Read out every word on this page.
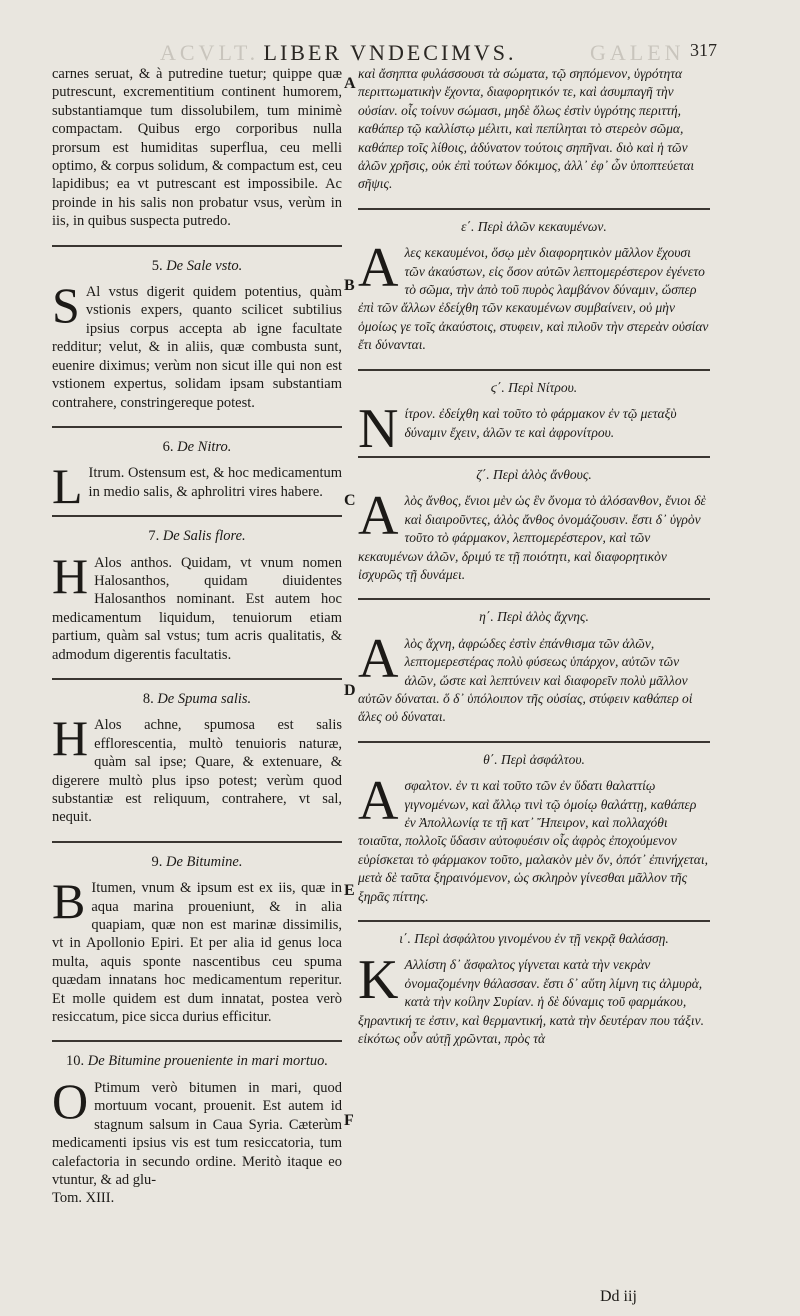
ACVLT.	GALEN
LIBER VNDECIMVS.	317
A
B
C
D
E
F

carnes seruat, & à putredine tuetur; quippe quæ putrescunt, excrementitium continent humorem, substantiamque tum dissolubilem, tum minimè compactam. Quibus ergo corporibus nulla prorsum est humiditas superflua, ceu melli optimo, & corpus solidum, & compactum est, ceu lapidibus; ea vt putrescant est impossibile. Ac proinde in his salis non probatur vsus, verùm in iis, in quibus suspecta putredo.

5. De Sale vsto.

S Al vstus digerit quidem potentius, quàm vstionis expers, quanto scilicet subtilius ipsius corpus accepta ab igne facultate redditur; velut, & in aliis, quæ combusta sunt, euenire diximus; verùm non sicut ille qui non est vstionem expertus, solidam ipsam substantiam contrahere, constringereque potest.

6. De Nitro.

L Itrum. Ostensum est, & hoc medicamentum in medio salis, & aphrolitri vires habere.

7. De Salis flore.

H Alos anthos. Quidam, vt vnum nomen Halosanthos, quidam diuidentes Halosanthos nominant. Est autem hoc medicamentum liquidum, tenuiorum etiam partium, quàm sal vstus; tum acris qualitatis, & admodum digerentis facultatis.

8. De Spuma salis.

H Alos achne, spumosa est salis efflorescentia, multò tenuioris naturæ, quàm sal ipse; Quare, & extenuare, & digerere multò plus ipso potest; verùm quod substantiæ est reliquum, contrahere, vt sal, nequit.

9. De Bitumine.

B Itumen, vnum & ipsum est ex iis, quæ in aqua marina proueniunt, & in alia quapiam, quæ non est marinæ dissimilis, vt in Apollonio Epiri. Et per alia id genus loca multa, aquis sponte nascentibus ceu spuma quædam innatans hoc medicamentum reperitur. Et molle quidem est dum innatat, postea verò resiccatum, pice sicca durius efficitur.

10. De Bitumine proueniente in mari mortuo.

O Ptimum verò bitumen in mari, quod mortuum vocant, prouenit. Est autem id stagnum salsum in Caua Syria. Cæterùm medicamenti ipsius vis est tum resiccatoria, tum calefactoria in secundo ordine. Meritò itaque eo vtuntur, & ad glu-

Tom. XIII.

καὶ ἄσηπτα φυλάσσουσι τὰ σώματα, τῷ σηπόμενον, ὑγρότητα περιττωματικὴν ἔχοντα, διαφορητικόν τε, καὶ ἀσυμπαγῆ τὴν οὐσίαν. οἷς τοίνυν σώμασι, μηδὲ ὅλως ἐστὶν ὑγρότης περιττή, καθάπερ τῷ καλλίστῳ μέλιτι, καὶ πεπίληται τὸ στερεὸν σῶμα, καθάπερ τοῖς λίθοις, ἀδύνατον τούτοις σηπῆναι. διὸ καὶ ἡ τῶν ἁλῶν χρῆσις, οὐκ ἐπὶ τούτων δόκιμος, ἀλλ᾽ ἐφ᾽ ὧν ὑποπτεύεται σῆψις.

ε΄. Περὶ ἁλῶν κεκαυμένων.

Αλες κεκαυμένοι, ὅσῳ μὲν διαφορητικὸν μᾶλλον ἔχουσι τῶν ἀκαύστων, εἰς ὅσον αὐτῶν λεπτομερέστερον ἐγένετο τὸ σῶμα, τὴν ἀπὸ τοῦ πυρὸς λαμβάνον δύναμιν, ὥσπερ ἐπὶ τῶν ἄλλων ἐδείχθη τῶν κεκαυμένων συμβαίνειν, οὐ μὴν ὁμοίως γε τοῖς ἀκαύστοις, στυφειν, καὶ πιλοῦν τὴν στερεὰν οὐσίαν ἔτι δύνανται.

ϛ΄. Περὶ Νίτρου.

Νίτρον. ἐδείχθη καὶ τοῦτο τὸ φάρμακον ἐν τῷ μεταξὺ δύναμιν ἔχειν, ἁλῶν τε καὶ ἀφρονίτρου.

ζ΄. Περὶ ἁλὸς ἄνθους.

Αλὸς ἄνθος, ἔνιοι μὲν ὡς ἓν ὄνομα τὸ ἁλόσανθον, ἔνιοι δὲ καὶ διαιροῦντες, ἁλὸς ἄνθος ὀνομάζουσιν. ἔστι δ᾽ ὑγρὸν τοῦτο τὸ φάρμακον, λεπτομερέστερον, καὶ τῶν κεκαυμένων ἁλῶν, δριμύ τε τῇ ποιότητι, καὶ διαφορητικὸν ἰσχυρῶς τῇ δυνάμει.

η΄. Περὶ ἁλὸς ἄχνης.

Αλὸς ἄχνη, ἀφρώδες ἐστὶν ἐπάνθισμα τῶν ἁλῶν, λεπτομερεστέρας πολὺ φύσεως ὑπάρχον, αὐτῶν τῶν ἁλῶν, ὥστε καὶ λεπτύνειν καὶ διαφορεῖν πολὺ μᾶλλον αὐτῶν δύναται. ὅ δ᾽ ὑπόλοιπον τῆς οὐσίας, στύφειν καθάπερ οἱ ἅλες οὐ δύναται.

θ΄. Περὶ ἀσφάλτου.

Ασφαλτον. ἐν τι καὶ τοῦτο τῶν ἐν ὕδατι θαλαττίῳ γιγνομένων, καὶ ἄλλῳ τινὶ τῷ ὁμοίῳ θαλάττῃ, καθάπερ ἐν Ἀπολλωνίᾳ τε τῇ κατ᾽ Ἤπειρον, καὶ πολλαχόθι τοιαῦτα, πολλοῖς ὕδασιν αὐτοφυέσιν οἷς ἀφρὸς ἐποχούμενον εὑρίσκεται τὸ φάρμακον τοῦτο, μαλακὸν μὲν ὅν, ὁπότ᾽ ἐπινήχεται, μετὰ δὲ ταῦτα ξηραινόμενον, ὡς σκληρὸν γίνεσθαι μᾶλλον τῆς ξηρᾶς πίττης.

ι΄. Περὶ ἀσφάλτου γινομένου ἐν τῇ νεκρᾷ θαλάσσῃ.

Κ Αλλίστη δ᾽ ἄσφαλτος γίγνεται κατὰ τὴν νεκρὰν ὀνομαζομένην θάλασσαν. ἔστι δ᾽ αὕτη λίμνη τις ἁλμυρὰ, κατὰ τὴν κοίλην Συρίαν. ἡ δὲ δύναμις τοῦ φαρμάκου, ξηραντική τε ἐστιν, καὶ θερμαντική, κατὰ τὴν δευτέραν που τάξιν. εἰκότως οὖν αὐτῇ χρῶνται, πρὸς τὰ

Dd iij
